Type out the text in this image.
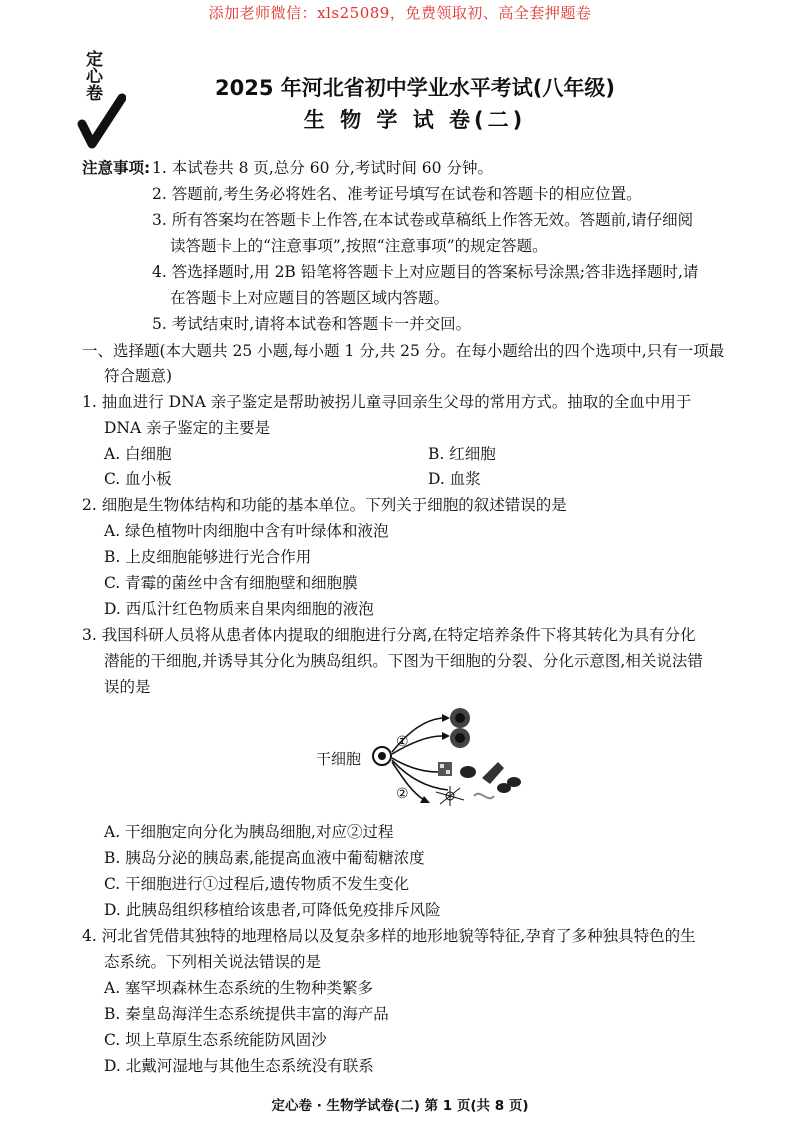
添加老师微信：xls25089，免费领取初、高全套押题卷
定心卷	2025 年河北省初中学业水平考试(八年级)
生 物 学 试 卷(二)
注意事项: 1. 本试卷共 8 页,总分 60 分,考试时间 60 分钟。
2. 答题前,考生务必将姓名、准考证号填写在试卷和答题卡的相应位置。
3. 所有答案均在答题卡上作答,在本试卷或草稿纸上作答无效。答题前,请仔细阅
读答题卡上的“注意事项”,按照“注意事项”的规定答题。
4. 答选择题时,用 2B 铅笔将答题卡上对应题目的答案标号涂黑;答非选择题时,请
在答题卡上对应题目的答题区域内答题。
5. 考试结束时,请将本试卷和答题卡一并交回。
一、选择题(本大题共 25 小题,每小题 1 分,共 25 分。在每小题给出的四个选项中,只有一项最
符合题意)
1. 抽血进行 DNA 亲子鉴定是帮助被拐儿童寻回亲生父母的常用方式。抽取的全血中用于
DNA 亲子鉴定的主要是
A. 白细胞	B. 红细胞
C. 血小板	D. 血浆
2. 细胞是生物体结构和功能的基本单位。下列关于细胞的叙述错误的是
A. 绿色植物叶肉细胞中含有叶绿体和液泡
B. 上皮细胞能够进行光合作用
C. 青霉的菌丝中含有细胞壁和细胞膜
D. 西瓜汁红色物质来自果肉细胞的液泡
3. 我国科研人员将从患者体内提取的细胞进行分离,在特定培养条件下将其转化为具有分化
潜能的干细胞,并诱导其分化为胰岛组织。下图为干细胞的分裂、分化示意图,相关说法错
误的是
干细胞
①
②
A. 干细胞定向分化为胰岛细胞,对应②过程
B. 胰岛分泌的胰岛素,能提高血液中葡萄糖浓度
C. 干细胞进行①过程后,遗传物质不发生变化
D. 此胰岛组织移植给该患者,可降低免疫排斥风险
4. 河北省凭借其独特的地理格局以及复杂多样的地形地貌等特征,孕育了多种独具特色的生
态系统。下列相关说法错误的是
A. 塞罕坝森林生态系统的生物种类繁多
B. 秦皇岛海洋生态系统提供丰富的海产品
C. 坝上草原生态系统能防风固沙
D. 北戴河湿地与其他生态系统没有联系
定心卷 · 生物学试卷(二) 第 1 页(共 8 页)
